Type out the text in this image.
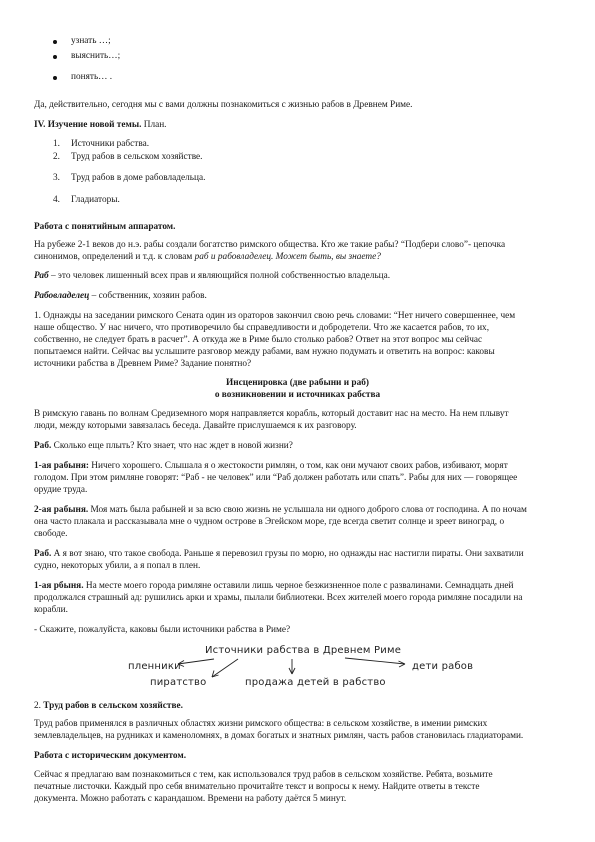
узнать …;
выяснить…;
понять… .
Да, действительно, сегодня мы с вами должны познакомиться с жизнью рабов в Древнем Риме.
IV. Изучение новой темы. План.
1. Источники рабства.
2. Труд рабов в сельском хозяйстве.
3. Труд рабов в доме рабовладельца.
4. Гладиаторы.
Работа с понятийным аппаратом.
На рубеже 2-1 веков до н.э. рабы создали богатство римского общества. Кто же такие рабы? “Подбери слово”- цепочка
синонимов, определений и т.д. к словам раб и рабовладелец. Может быть, вы знаете?
Раб – это человек лишенный всех прав и являющийся полной собственностью владельца.
Рабовладелец – собственник, хозяин рабов.
1. Однажды на заседании римского Сената один из ораторов закончил свою речь словами: “Нет ничего совершеннее, чем
наше общество. У нас ничего, что противоречило бы справедливости и добродетели. Что же касается рабов, то их,
собственно, не следует брать в расчет”. А откуда же в Риме было столько рабов? Ответ на этот вопрос мы сейчас
попытаемся найти. Сейчас вы услышите разговор между рабами, вам нужно подумать и ответить на вопрос: каковы
источники рабства в Древнем Риме? Задание понятно?
Инсценировка (две рабыни и раб)
о возникновении и источниках рабства
В римскую гавань по волнам Средиземного моря направляется корабль, который доставит нас на место. На нем плывут
люди, между которыми завязалась беседа. Давайте прислушаемся к их разговору.
Раб. Сколько еще плыть? Кто знает, что нас ждет в новой жизни?
1-ая рабыня: Ничего хорошего. Слышала я о жестокости римлян, о том, как они мучают своих рабов, избивают, морят
голодом. При этом римляне говорят: “Раб - не человек” или “Раб должен работать или спать”. Рабы для них — говорящее
орудие труда.
2-ая рабыня. Моя мать была рабыней и за всю свою жизнь не услышала ни одного доброго слова от господина. А по ночам
она часто плакала и рассказывала мне о чудном острове в Эгейском море, где всегда светит солнце и зреет виноград, о
свободе.
Раб. А я вот знаю, что такое свобода. Раньше я перевозил грузы по морю, но однажды нас настигли пираты. Они захватили
судно, некоторых убили, а я попал в плен.
1-ая рбыня. На месте моего города римляне оставили лишь черное безжизненное поле с развалинами. Семнадцать дней
продолжался страшный ад: рушились арки и храмы, пылали библиотеки. Всех жителей моего города римляне посадили на
корабли.
- Скажите, пожалуйста, каковы были источники рабства в Риме?
Источники рабства в Древнем Риме
пленники
пиратство	продажа детей в рабство
дети рабов
2. Труд рабов в сельском хозяйстве.
Труд рабов применялся в различных областях жизни римского общества: в сельском хозяйстве, в имении римских
землевладельцев, на рудниках и каменоломнях, в домах богатых и знатных римлян, часть рабов становилась гладиаторами.
Работа с историческим документом.
Сейчас я предлагаю вам познакомиться с тем, как использовался труд рабов в сельском хозяйстве. Ребята, возьмите
печатные листочки. Каждый про себя внимательно прочитайте текст и вопросы к нему. Найдите ответы в тексте
документа. Можно работать с карандашом. Времени на работу даётся 5 минут.
